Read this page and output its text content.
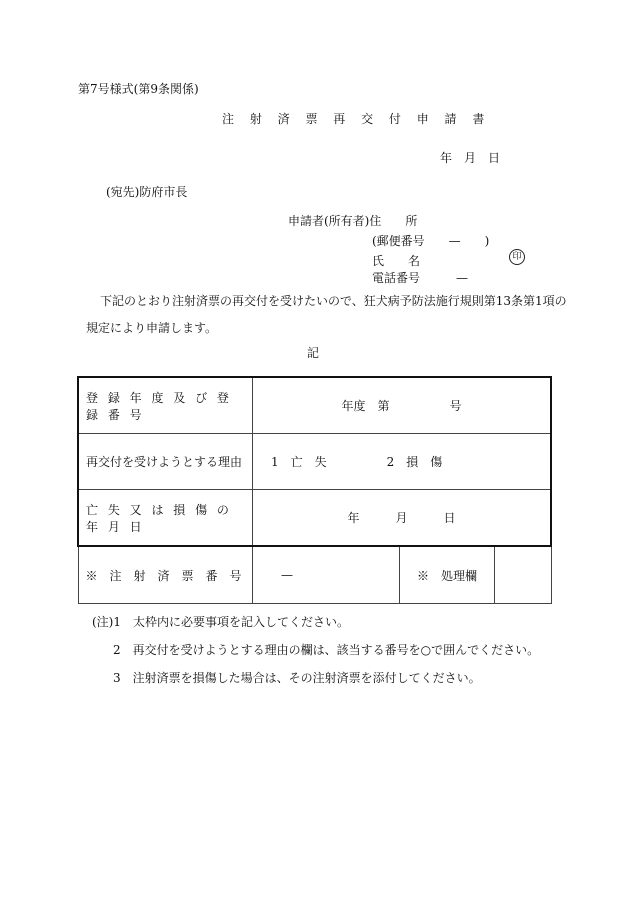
第7号様式(第9条関係)
注 射 済 票 再 交 付 申 請 書
年　月　日
(宛先)防府市長
申請者(所有者)住　　所
(郵便番号　　—　　)
氏　　名	印
電話番号　　　—
下記のとおり注射済票の再交付を受けたいので、狂犬病予防法施行規則第13条第1項の
規定により申請します。
記
登 録 年 度 及 び 登 録 番 号	年度　第　　　　　号		
再交付を受けようとする理由	1　亡　失　　　　　2　損　傷		
亡 失 又 は 損 傷 の 年 月 日	年　　　月　　　日		
※　注　射　済　票　番　号	—	※　処理欄	
(注)1　太枠内に必要事項を記入してください。
2　再交付を受けようとする理由の欄は、該当する番号を○で囲んでください。
3　注射済票を損傷した場合は、その注射済票を添付してください。
